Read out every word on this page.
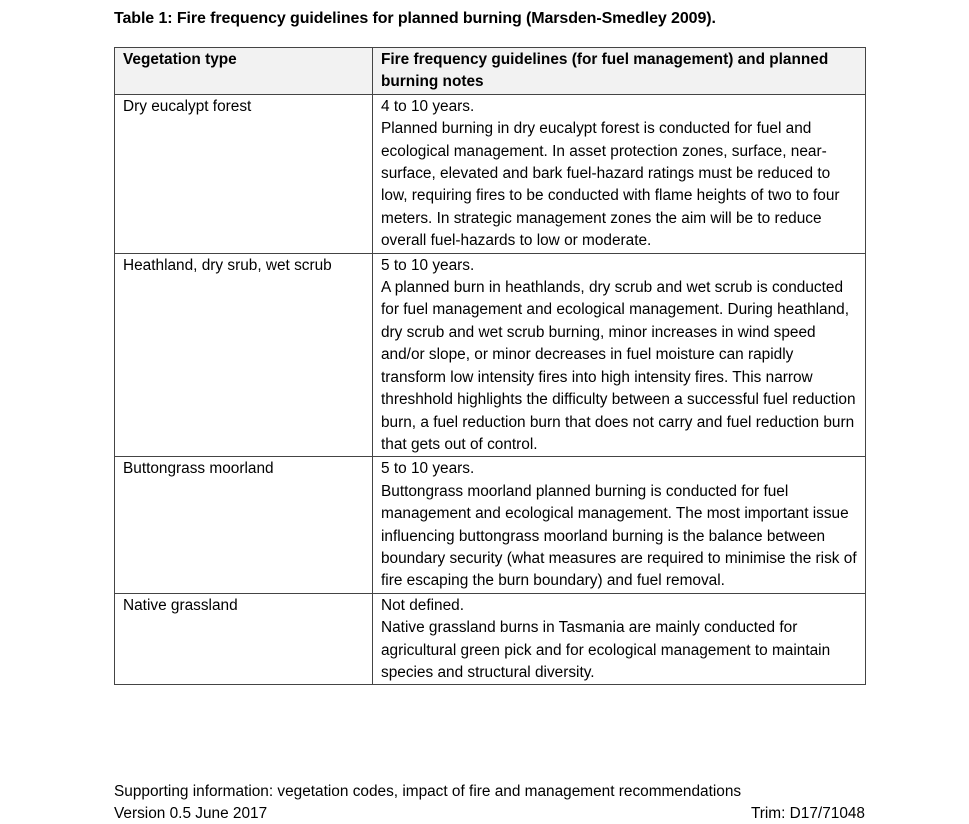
Table 1: Fire frequency guidelines for planned burning (Marsden-Smedley 2009).
Vegetation type	Fire frequency guidelines (for fuel management) and planned burning notes
Dry eucalypt forest	4 to 10 years.
Planned burning in dry eucalypt forest is conducted for fuel and ecological management. In asset protection zones, surface, near-surface, elevated and bark fuel-hazard ratings must be reduced to low, requiring fires to be conducted with flame heights of two to four meters. In strategic management zones the aim will be to reduce overall fuel-hazards to low or moderate.

Heathland, dry srub, wet scrub	5 to 10 years.
A planned burn in heathlands, dry scrub and wet scrub is conducted for fuel management and ecological management. During heathland, dry scrub and wet scrub burning, minor increases in wind speed and/or slope, or minor decreases in fuel moisture can rapidly transform low intensity fires into high intensity fires. This narrow threshhold highlights the difficulty between a successful fuel reduction burn, a fuel reduction burn that does not carry and fuel reduction burn that gets out of control.

Buttongrass moorland	5 to 10 years.
Buttongrass moorland planned burning is conducted for fuel management and ecological management. The most important issue influencing buttongrass moorland burning is the balance between boundary security (what measures are required to minimise the risk of fire escaping the burn boundary) and fuel removal.

Native grassland	Not defined.
Native grassland burns in Tasmania are mainly conducted for agricultural green pick and for ecological management to maintain species and structural diversity.
Supporting information: vegetation codes, impact of fire and management recommendations
Version 0.5 June 2017	Trim: D17/71048
